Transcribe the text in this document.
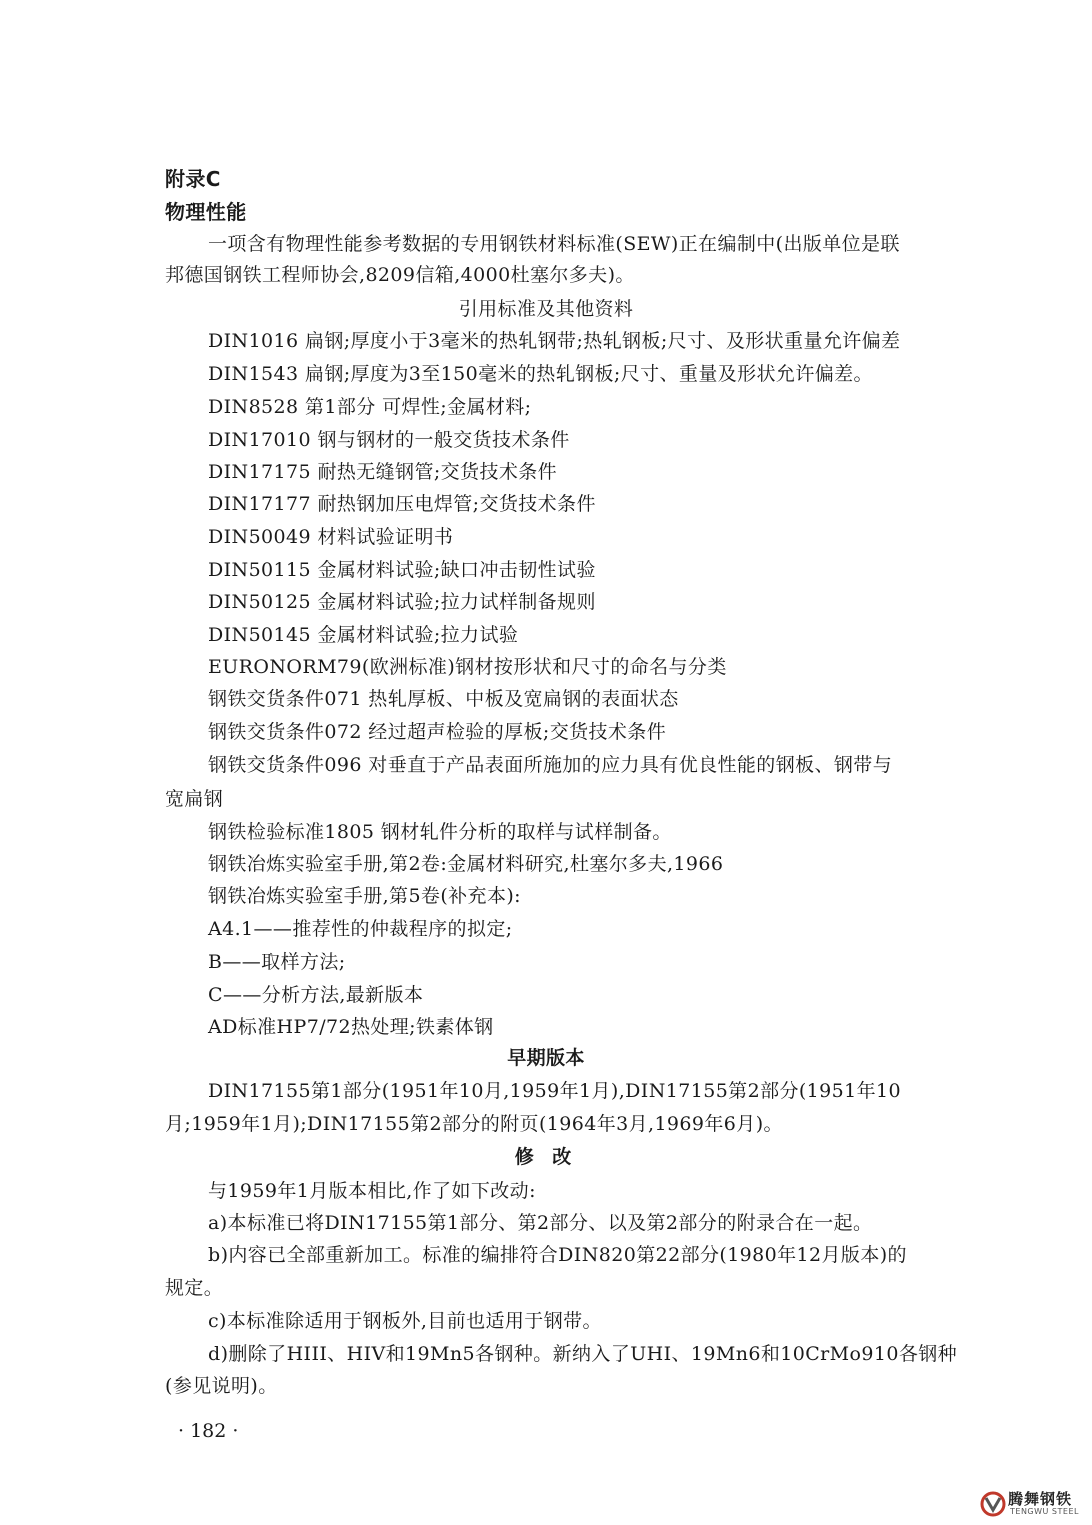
附录C
物理性能
一项含有物理性能参考数据的专用钢铁材料标准(SEW)正在编制中(出版单位是联
邦德国钢铁工程师协会,8209信箱,4000杜塞尔多夫)。
引用标准及其他资料
DIN1016 扁钢;厚度小于3毫米的热轧钢带;热轧钢板;尺寸、及形状重量允许偏差
DIN1543 扁钢;厚度为3至150毫米的热轧钢板;尺寸、重量及形状允许偏差。
DIN8528 第1部分 可焊性;金属材料;
DIN17010 钢与钢材的一般交货技术条件
DIN17175 耐热无缝钢管;交货技术条件
DIN17177 耐热钢加压电焊管;交货技术条件
DIN50049 材料试验证明书
DIN50115 金属材料试验;缺口冲击韧性试验
DIN50125 金属材料试验;拉力试样制备规则
DIN50145 金属材料试验;拉力试验
EURONORM79(欧洲标准)钢材按形状和尺寸的命名与分类
钢铁交货条件071 热轧厚板、中板及宽扁钢的表面状态
钢铁交货条件072 经过超声检验的厚板;交货技术条件
钢铁交货条件096 对垂直于产品表面所施加的应力具有优良性能的钢板、钢带与
宽扁钢
钢铁检验标准1805 钢材轧件分析的取样与试样制备。
钢铁冶炼实验室手册,第2卷:金属材料研究,杜塞尔多夫,1966
钢铁冶炼实验室手册,第5卷(补充本):
A4.1——推荐性的仲裁程序的拟定;
B——取样方法;
C——分析方法,最新版本
AD标准HP7/72热处理;铁素体钢
早期版本
DIN17155第1部分(1951年10月,1959年1月),DIN17155第2部分(1951年10
月;1959年1月);DIN17155第2部分的附页(1964年3月,1969年6月)。
修 改
与1959年1月版本相比,作了如下改动:
a)本标准已将DIN17155第1部分、第2部分、以及第2部分的附录合在一起。
b)内容已全部重新加工。标准的编排符合DIN820第22部分(1980年12月版本)的
规定。
c)本标准除适用于钢板外,目前也适用于钢带。
d)删除了HIII、HIV和19Mn5各钢种。新纳入了UHI、19Mn6和10CrMo910各钢种
(参见说明)。
· 182 ·
腾舞钢铁
TENGWU STEEL
